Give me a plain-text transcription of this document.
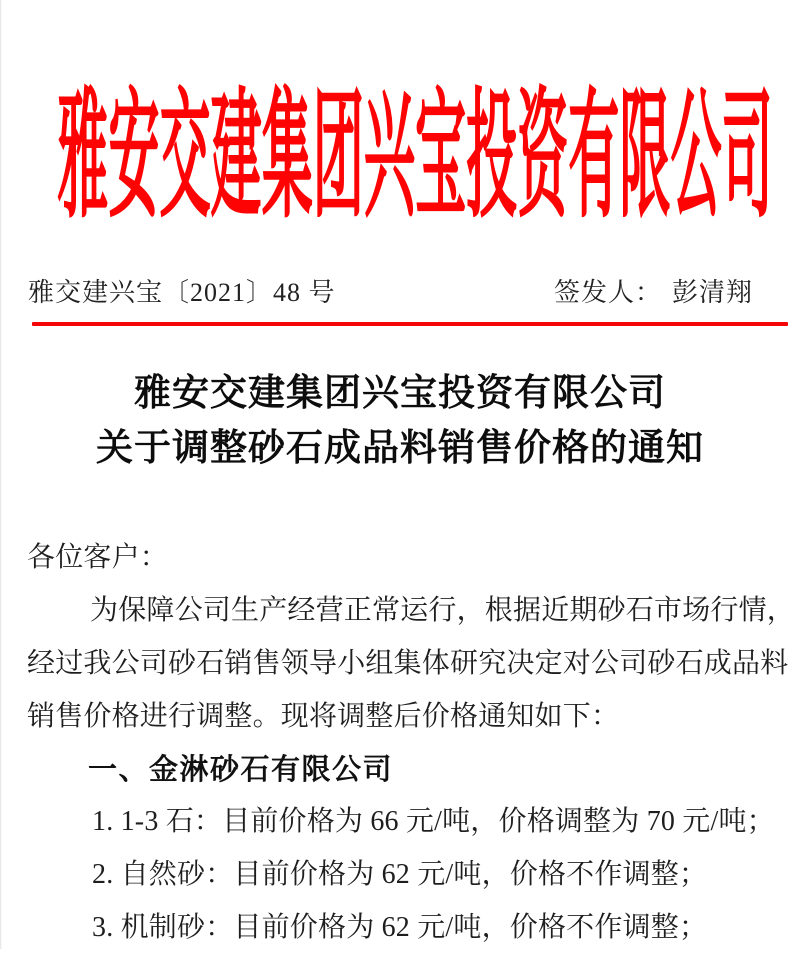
雅安交建集团兴宝投资有限公司
雅交建兴宝〔2021〕48 号	签发人： 彭清翔
雅安交建集团兴宝投资有限公司
关于调整砂石成品料销售价格的通知
各位客户：
为保障公司生产经营正常运行，根据近期砂石市场行情，
经过我公司砂石销售领导小组集体研究决定对公司砂石成品料
销售价格进行调整。现将调整后价格通知如下：
一、金淋砂石有限公司
1. 1-3 石：目前价格为 66 元/吨，价格调整为 70 元/吨；
2. 自然砂：目前价格为 62 元/吨，价格不作调整；
3. 机制砂：目前价格为 62 元/吨，价格不作调整；
